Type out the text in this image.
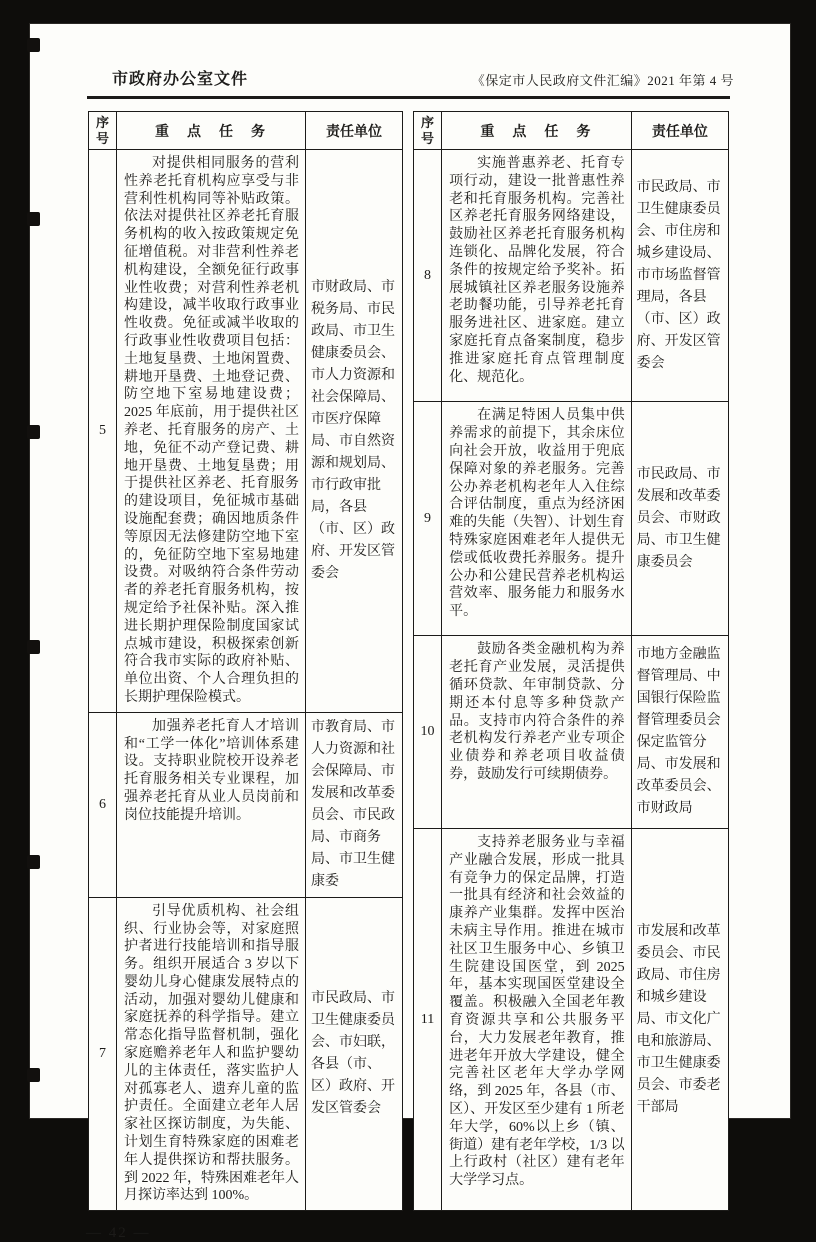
市政府办公室文件	《保定市人民政府文件汇编》2021 年第 4 号
序号	重　点　任　务	责任单位
5	对提供相同服务的营利性养老托育机构应享受与非营利性机构同等补贴政策。依法对提供社区养老托育服务机构的收入按政策规定免征增值税。对非营利性养老机构建设，全额免征行政事业性收费；对营利性养老机构建设，减半收取行政事业性收费。免征或减半收取的行政事业性收费项目包括：土地复垦费、土地闲置费、耕地开垦费、土地登记费、防空地下室易地建设费；2025 年底前，用于提供社区养老、托育服务的房产、土地，免征不动产登记费、耕地开垦费、土地复垦费；用于提供社区养老、托育服务的建设项目，免征城市基础设施配套费；确因地质条件等原因无法修建防空地下室的，免征防空地下室易地建设费。对吸纳符合条件劳动者的养老托育服务机构，按规定给予社保补贴。深入推进长期护理保险制度国家试点城市建设，积极探索创新符合我市实际的政府补贴、单位出资、个人合理负担的长期护理保险模式。	市财政局、市税务局、市民政局、市卫生健康委员会、市人力资源和社会保障局、市医疗保障局、市自然资源和规划局、市行政审批局，各县（市、区）政府、开发区管委会
6	加强养老托育人才培训和“工学一体化”培训体系建设。支持职业院校开设养老托育服务相关专业课程，加强养老托育从业人员岗前和岗位技能提升培训。	市教育局、市人力资源和社会保障局、市发展和改革委员会、市民政局、市商务局、市卫生健康委
7	引导优质机构、社会组织、行业协会等，对家庭照护者进行技能培训和指导服务。组织开展适合 3 岁以下婴幼儿身心健康发展特点的活动，加强对婴幼儿健康和家庭抚养的科学指导。建立常态化指导监督机制，强化家庭赡养老年人和监护婴幼儿的主体责任，落实监护人对孤寡老人、遗弃儿童的监护责任。全面建立老年人居家社区探访制度，为失能、计划生育特殊家庭的困难老年人提供探访和帮扶服务。到 2022 年，特殊困难老年人月探访率达到 100%。	市民政局、市卫生健康委员会、市妇联，各县（市、区）政府、开发区管委会
序号	重　点　任　务	责任单位
8	实施普惠养老、托育专项行动，建设一批普惠性养老和托育服务机构。完善社区养老托育服务网络建设，鼓励社区养老托育服务机构连锁化、品牌化发展，符合条件的按规定给予奖补。拓展城镇社区养老服务设施养老助餐功能，引导养老托育服务进社区、进家庭。建立家庭托育点备案制度，稳步推进家庭托育点管理制度化、规范化。	市民政局、市卫生健康委员会、市住房和城乡建设局、市市场监督管理局，各县（市、区）政府、开发区管委会
9	在满足特困人员集中供养需求的前提下，其余床位向社会开放，收益用于兜底保障对象的养老服务。完善公办养老机构老年人入住综合评估制度，重点为经济困难的失能（失智）、计划生育特殊家庭困难老年人提供无偿或低收费托养服务。提升公办和公建民营养老机构运营效率、服务能力和服务水平。	市民政局、市发展和改革委员会、市财政局、市卫生健康委员会
10	鼓励各类金融机构为养老托育产业发展，灵活提供循环贷款、年审制贷款、分期还本付息等多种贷款产品。支持市内符合条件的养老机构发行养老产业专项企业债券和养老项目收益债券，鼓励发行可续期债券。	市地方金融监督管理局、中国银行保险监督管理委员会保定监管分局、市发展和改革委员会、市财政局
11	支持养老服务业与幸福产业融合发展，形成一批具有竞争力的保定品牌，打造一批具有经济和社会效益的康养产业集群。发挥中医治未病主导作用。推进在城市社区卫生服务中心、乡镇卫生院建设国医堂，到 2025 年，基本实现国医堂建设全覆盖。积极融入全国老年教育资源共享和公共服务平台，大力发展老年教育，推进老年开放大学建设，健全完善社区老年大学办学网络，到 2025 年，各县（市、区）、开发区至少建有 1 所老年大学，60%以上乡（镇、街道）建有老年学校，1/3 以上行政村（社区）建有老年大学学习点。	市发展和改革委员会、市民政局、市住房和城乡建设局、市文化广电和旅游局、市卫生健康委员会、市委老干部局
— 42 —
